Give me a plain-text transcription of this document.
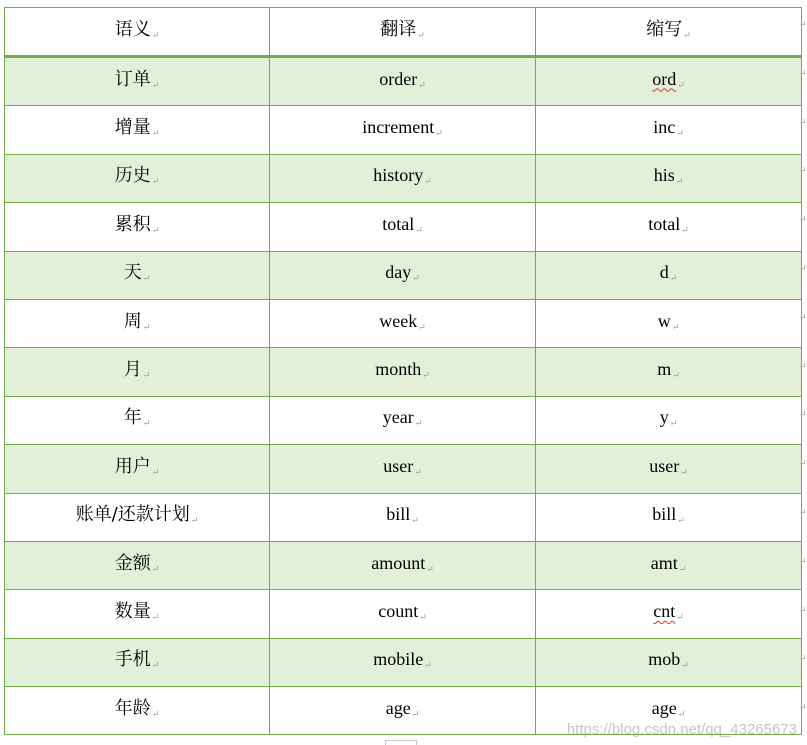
语义↵	翻译↵	缩写↵
订单↵	order↵	ord↵
增量↵	increment↵	inc↵
历史↵	history↵	his↵
累积↵	total↵	total↵
天↵	day↵	d↵
周↵	week↵	w↵
月↵	month↵	m↵
年↵	year↵	y↵
用户↵	user↵	user↵
账单/还款计划↵	bill↵	bill↵
金额↵	amount↵	amt↵
数量↵	count↵	cnt↵
手机↵	mobile↵	mob↵
年龄↵	age↵	age↵
↵
↵
↵
↵
↵
↵
↵
↵
↵
↵
↵
↵
↵
↵
↵
https://blog.csdn.net/qq_43265673
